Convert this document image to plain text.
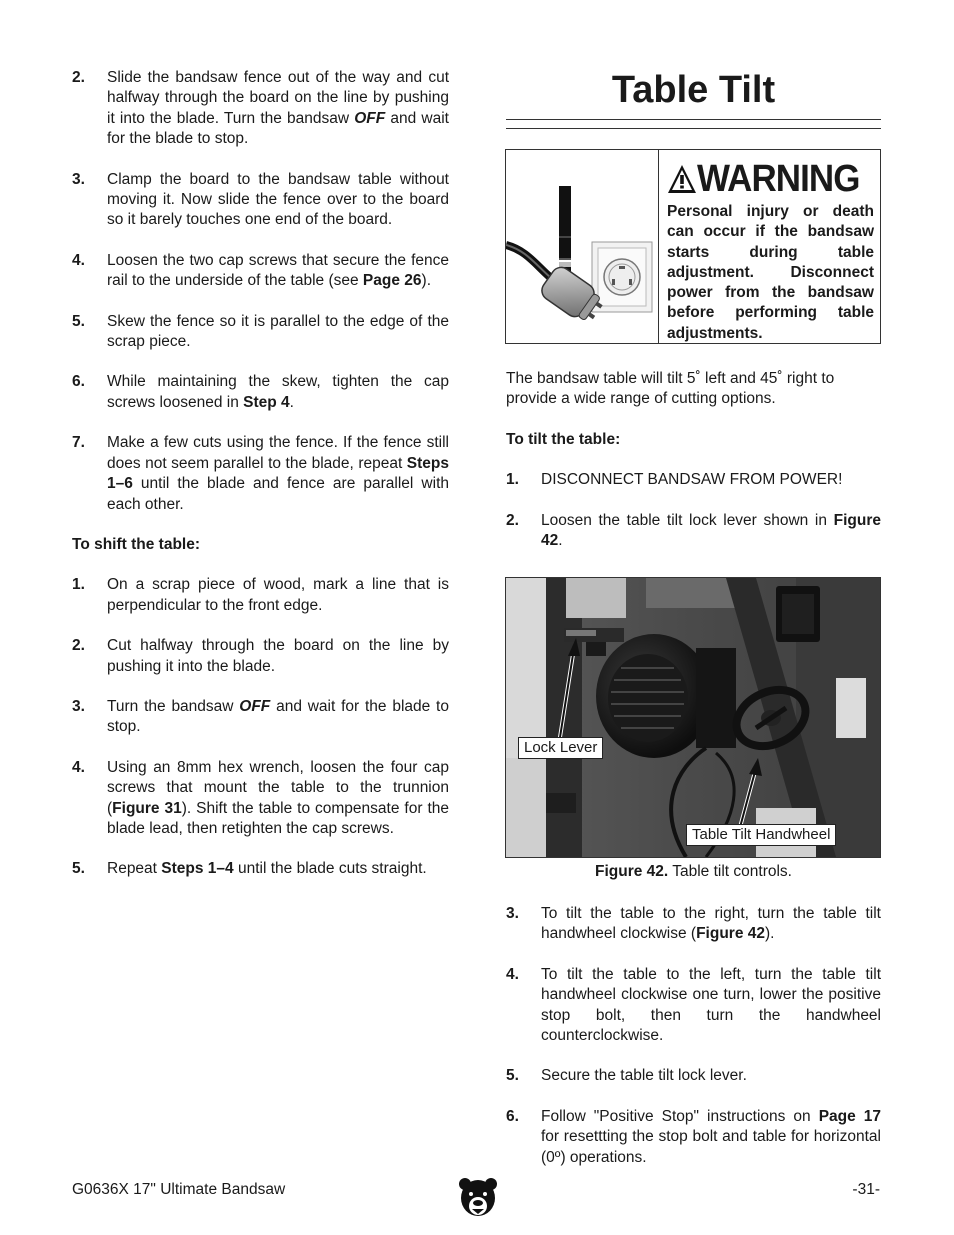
2.	Slide the bandsaw fence out of the way and cut halfway through the board on the line by pushing it into the blade. Turn the bandsaw OFF and wait for the blade to stop.
3.	Clamp the board to the bandsaw table without moving it. Now slide the fence over to the board so it barely touches one end of the board.
4.	Loosen the two cap screws that secure the fence rail to the underside of the table (see Page 26).
5.	Skew the fence so it is parallel to the edge of the scrap piece.
6.	While maintaining the skew, tighten the cap screws loosened in Step 4.
7.	Make a few cuts using the fence. If the fence still does not seem parallel to the blade, repeat Steps 1–6 until the blade and fence are parallel with each other.
To shift the table:
1.	On a scrap piece of wood, mark a line that is perpendicular to the front edge.
2.	Cut halfway through the board on the line by pushing it into the blade.
3.	Turn the bandsaw OFF and wait for the blade to stop.
4.	Using an 8mm hex wrench, loosen the four cap screws that mount the table to the trunnion (Figure 31). Shift the table to compensate for the blade lead, then retighten the cap screws.
5.	Repeat Steps 1–4 until the blade cuts straight.
Table Tilt
WARNING
Personal injury or death can occur if the bandsaw starts during table adjustment. Disconnect power from the bandsaw before performing table adjustments.

The bandsaw table will tilt 5˚ left and 45˚ right to provide a wide range of cutting options.

To tilt the table:
1.	DISCONNECT BANDSAW FROM POWER!
2.	Loosen the table tilt lock lever shown in Figure 42.
Lock Lever
Table Tilt Handwheel
Figure 42. Table tilt controls.
3.	To tilt the table to the right, turn the table tilt handwheel clockwise (Figure 42).
4.	To tilt the table to the left, turn the table tilt handwheel clockwise one turn, lower the positive stop bolt, then turn the handwheel counterclockwise.
5.	Secure the table tilt lock lever.
6.	Follow "Positive Stop" instructions on Page 17 for resettting the stop bolt and table for horizontal (0º) operations.
G0636X 17" Ultimate Bandsaw	-31-
